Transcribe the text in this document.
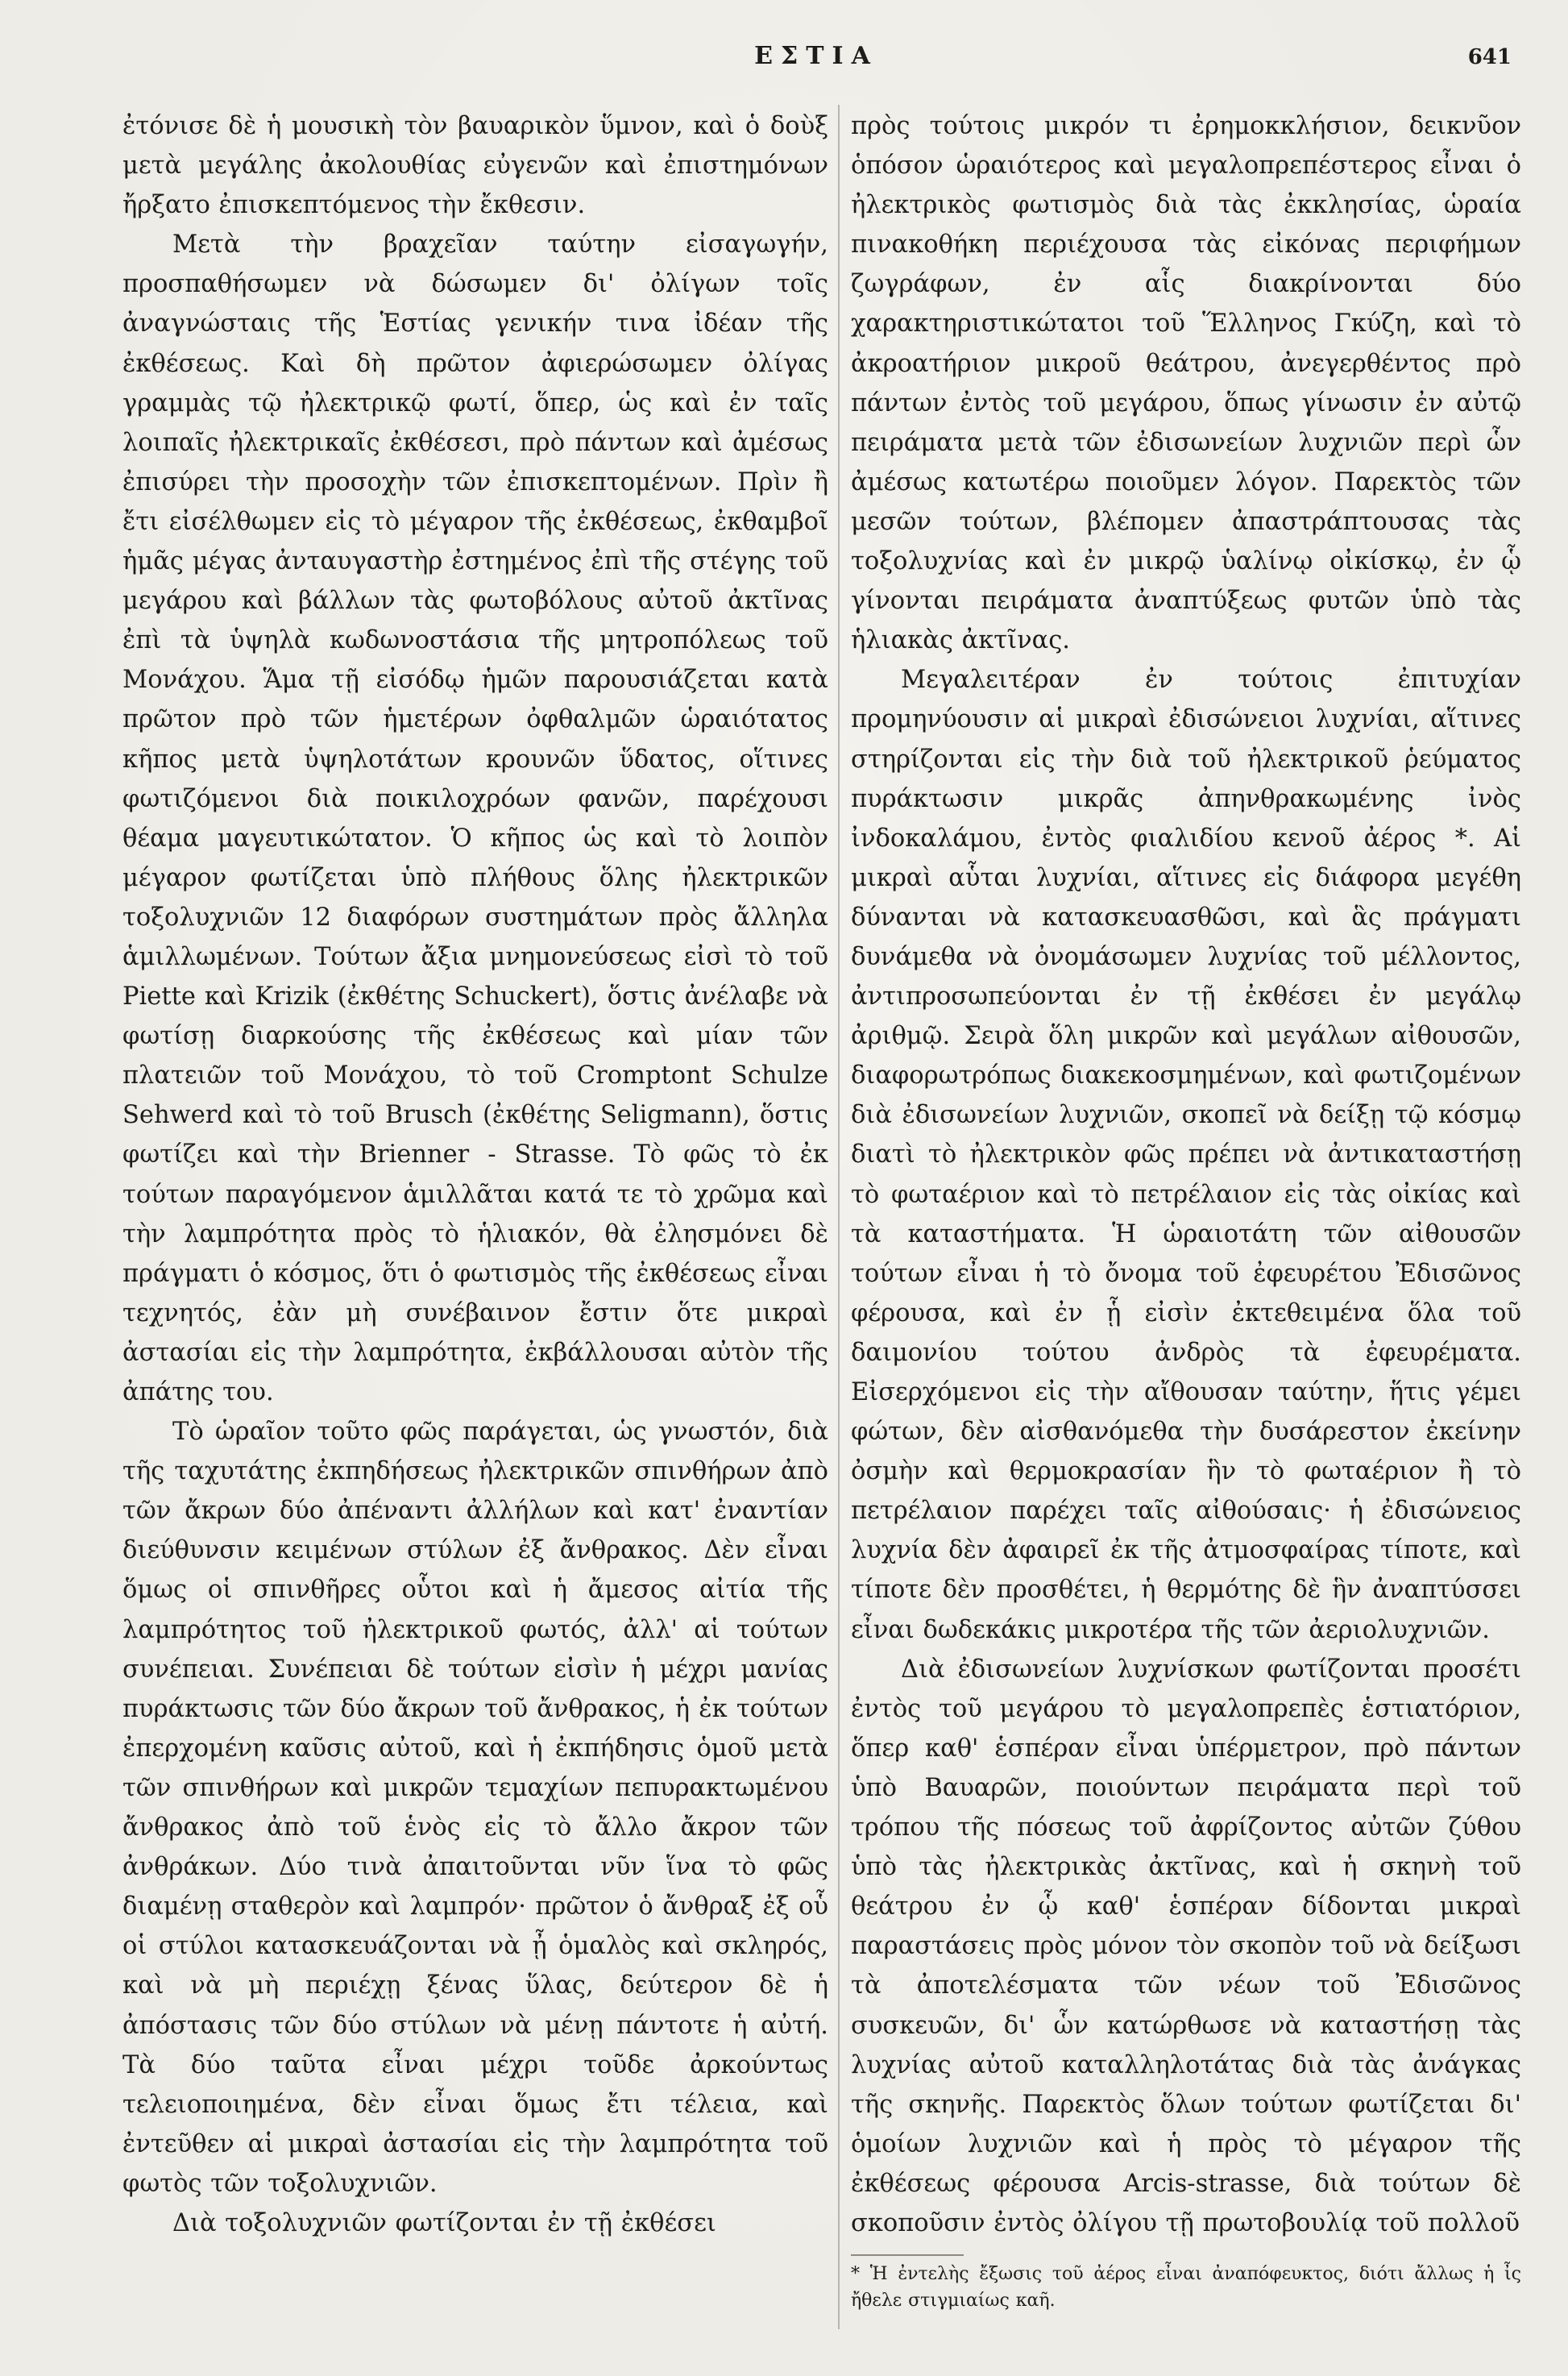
ΕΣΤΙΑ	641

ἐτόνισε δὲ ἡ μουσικὴ τὸν βαυαρικὸν ὕμνον, καὶ ὁ δοὺξ μετὰ μεγάλης ἀκολουθίας εὐγενῶν καὶ ἐπιστημόνων ἤρξατο ἐπισκεπτόμενος τὴν ἔκθεσιν.

Μετὰ τὴν βραχεῖαν ταύτην εἰσαγωγήν, προσπαθήσωμεν νὰ δώσωμεν δι' ὀλίγων τοῖς ἀναγνώσταις τῆς Ἑστίας γενικήν τινα ἰδέαν τῆς ἐκθέσεως. Καὶ δὴ πρῶτον ἀφιερώσωμεν ὀλίγας γραμμὰς τῷ ἠλεκτρικῷ φωτί, ὅπερ, ὡς καὶ ἐν ταῖς λοιπαῖς ἠλεκτρικαῖς ἐκθέσεσι, πρὸ πάντων καὶ ἀμέσως ἐπισύρει τὴν προσοχὴν τῶν ἐπισκεπτομένων. Πρὶν ἢ ἔτι εἰσέλθωμεν εἰς τὸ μέγαρον τῆς ἐκθέσεως, ἐκθαμβοῖ ἡμᾶς μέγας ἀνταυγαστὴρ ἐστημένος ἐπὶ τῆς στέγης τοῦ μεγάρου καὶ βάλλων τὰς φωτοβόλους αὐτοῦ ἀκτῖνας ἐπὶ τὰ ὑψηλὰ κωδωνοστάσια τῆς μητροπόλεως τοῦ Μονάχου. Ἅμα τῇ εἰσόδῳ ἡμῶν παρουσιάζεται κατὰ πρῶτον πρὸ τῶν ἡμετέρων ὀφθαλμῶν ὡραιότατος κῆπος μετὰ ὑψηλοτάτων κρουνῶν ὕδατος, οἵτινες φωτιζόμενοι διὰ ποικιλοχρόων φανῶν, παρέχουσι θέαμα μαγευτικώτατον. Ὁ κῆπος ὡς καὶ τὸ λοιπὸν μέγαρον φωτίζεται ὑπὸ πλήθους ὅλης ἠλεκτρικῶν τοξολυχνιῶν 12 διαφόρων συστημάτων πρὸς ἄλληλα ἁμιλλωμένων. Τούτων ἄξια μνημονεύσεως εἰσὶ τὸ τοῦ Piette καὶ Krizik (ἐκθέτης Schuckert), ὅστις ἀνέλαβε νὰ φωτίσῃ διαρκούσης τῆς ἐκθέσεως καὶ μίαν τῶν πλατειῶν τοῦ Μονάχου, τὸ τοῦ Cromptont Schulze Sehwerd καὶ τὸ τοῦ Brusch (ἐκθέτης Seligmann), ὅστις φωτίζει καὶ τὴν Brienner - Strasse. Τὸ φῶς τὸ ἐκ τούτων παραγόμενον ἁμιλλᾶται κατά τε τὸ χρῶμα καὶ τὴν λαμπρότητα πρὸς τὸ ἡλιακόν, θὰ ἐλησμόνει δὲ πράγματι ὁ κόσμος, ὅτι ὁ φωτισμὸς τῆς ἐκθέσεως εἶναι τεχνητός, ἐὰν μὴ συνέβαινον ἔστιν ὅτε μικραὶ ἀστασίαι εἰς τὴν λαμπρότητα, ἐκβάλλουσαι αὐτὸν τῆς ἀπάτης του.

Τὸ ὡραῖον τοῦτο φῶς παράγεται, ὡς γνωστόν, διὰ τῆς ταχυτάτης ἐκπηδήσεως ἠλεκτρικῶν σπινθήρων ἀπὸ τῶν ἄκρων δύο ἀπέναντι ἀλλήλων καὶ κατ' ἐναντίαν διεύθυνσιν κειμένων στύλων ἐξ ἄνθρακος. Δὲν εἶναι ὅμως οἱ σπινθῆρες οὗτοι καὶ ἡ ἄμεσος αἰτία τῆς λαμπρότητος τοῦ ἠλεκτρικοῦ φωτός, ἀλλ' αἱ τούτων συνέπειαι. Συνέπειαι δὲ τούτων εἰσὶν ἡ μέχρι μανίας πυράκτωσις τῶν δύο ἄκρων τοῦ ἄνθρακος, ἡ ἐκ τούτων ἐπερχομένη καῦσις αὐτοῦ, καὶ ἡ ἐκπήδησις ὁμοῦ μετὰ τῶν σπινθήρων καὶ μικρῶν τεμαχίων πεπυρακτωμένου ἄνθρακος ἀπὸ τοῦ ἑνὸς εἰς τὸ ἄλλο ἄκρον τῶν ἀνθράκων. Δύο τινὰ ἀπαιτοῦνται νῦν ἵνα τὸ φῶς διαμένῃ σταθερὸν καὶ λαμπρόν· πρῶτον ὁ ἄνθραξ ἐξ οὗ οἱ στύλοι κατασκευάζονται νὰ ᾖ ὁμαλὸς καὶ σκληρός, καὶ νὰ μὴ περιέχῃ ξένας ὕλας, δεύτερον δὲ ἡ ἀπόστασις τῶν δύο στύλων νὰ μένῃ πάντοτε ἡ αὐτή. Τὰ δύο ταῦτα εἶναι μέχρι τοῦδε ἀρκούντως τελειοποιημένα, δὲν εἶναι ὅμως ἔτι τέλεια, καὶ ἐντεῦθεν αἱ μικραὶ ἀστασίαι εἰς τὴν λαμπρότητα τοῦ φωτὸς τῶν τοξολυχνιῶν.

Διὰ τοξολυχνιῶν φωτίζονται ἐν τῇ ἐκθέσει

πρὸς τούτοις μικρόν τι ἐρημοκκλήσιον, δεικνῦον ὁπόσον ὡραιότερος καὶ μεγαλοπρεπέστερος εἶναι ὁ ἠλεκτρικὸς φωτισμὸς διὰ τὰς ἐκκλησίας, ὡραία πινακοθήκη περιέχουσα τὰς εἰκόνας περιφήμων ζωγράφων, ἐν αἷς διακρίνονται δύο χαρακτηριστικώτατοι τοῦ Ἕλληνος Γκύζη, καὶ τὸ ἀκροατήριον μικροῦ θεάτρου, ἀνεγερθέντος πρὸ πάντων ἐντὸς τοῦ μεγάρου, ὅπως γίνωσιν ἐν αὐτῷ πειράματα μετὰ τῶν ἐδισωνείων λυχνιῶν περὶ ὧν ἀμέσως κατωτέρω ποιοῦμεν λόγον. Παρεκτὸς τῶν μεσῶν τούτων, βλέπομεν ἀπαστράπτουσας τὰς τοξολυχνίας καὶ ἐν μικρῷ ὑαλίνῳ οἰκίσκῳ, ἐν ᾧ γίνονται πειράματα ἀναπτύξεως φυτῶν ὑπὸ τὰς ἡλιακὰς ἀκτῖνας.

Μεγαλειτέραν ἐν τούτοις ἐπιτυχίαν προμηνύουσιν αἱ μικραὶ ἐδισώνειοι λυχνίαι, αἵτινες στηρίζονται εἰς τὴν διὰ τοῦ ἠλεκτρικοῦ ῥεύματος πυράκτωσιν μικρᾶς ἀπηνθρακωμένης ἰνὸς ἰνδοκαλάμου, ἐντὸς φιαλιδίου κενοῦ ἀέρος *. Αἱ μικραὶ αὗται λυχνίαι, αἵτινες εἰς διάφορα μεγέθη δύνανται νὰ κατασκευασθῶσι, καὶ ἃς πράγματι δυνάμεθα νὰ ὀνομάσωμεν λυχνίας τοῦ μέλλοντος, ἀντιπροσωπεύονται ἐν τῇ ἐκθέσει ἐν μεγάλῳ ἀριθμῷ. Σειρὰ ὅλη μικρῶν καὶ μεγάλων αἰθουσῶν, διαφορωτρόπως διακεκοσμημένων, καὶ φωτιζομένων διὰ ἐδισωνείων λυχνιῶν, σκοπεῖ νὰ δείξῃ τῷ κόσμῳ διατὶ τὸ ἠλεκτρικὸν φῶς πρέπει νὰ ἀντικαταστήσῃ τὸ φωταέριον καὶ τὸ πετρέλαιον εἰς τὰς οἰκίας καὶ τὰ καταστήματα. Ἡ ὡραιοτάτη τῶν αἰθουσῶν τούτων εἶναι ἡ τὸ ὄνομα τοῦ ἐφευρέτου Ἐδισῶνος φέρουσα, καὶ ἐν ᾗ εἰσὶν ἐκτεθειμένα ὅλα τοῦ δαιμονίου τούτου ἀνδρὸς τὰ ἐφευρέματα. Εἰσερχόμενοι εἰς τὴν αἴθουσαν ταύτην, ἥτις γέμει φώτων, δὲν αἰσθανόμεθα τὴν δυσάρεστον ἐκείνην ὀσμὴν καὶ θερμοκρασίαν ἣν τὸ φωταέριον ἢ τὸ πετρέλαιον παρέχει ταῖς αἰθούσαις· ἡ ἐδισώνειος λυχνία δὲν ἀφαιρεῖ ἐκ τῆς ἀτμοσφαίρας τίποτε, καὶ τίποτε δὲν προσθέτει, ἡ θερμότης δὲ ἣν ἀναπτύσσει εἶναι δωδεκάκις μικροτέρα τῆς τῶν ἀεριολυχνιῶν.

Διὰ ἐδισωνείων λυχνίσκων φωτίζονται προσέτι ἐντὸς τοῦ μεγάρου τὸ μεγαλοπρεπὲς ἑστιατόριον, ὅπερ καθ' ἑσπέραν εἶναι ὑπέρμετρον, πρὸ πάντων ὑπὸ Βαυαρῶν, ποιούντων πειράματα περὶ τοῦ τρόπου τῆς πόσεως τοῦ ἀφρίζοντος αὐτῶν ζύθου ὑπὸ τὰς ἠλεκτρικὰς ἀκτῖνας, καὶ ἡ σκηνὴ τοῦ θεάτρου ἐν ᾧ καθ' ἑσπέραν δίδονται μικραὶ παραστάσεις πρὸς μόνον τὸν σκοπὸν τοῦ νὰ δείξωσι τὰ ἀποτελέσματα τῶν νέων τοῦ Ἐδισῶνος συσκευῶν, δι' ὧν κατώρθωσε νὰ καταστήσῃ τὰς λυχνίας αὐτοῦ καταλληλοτάτας διὰ τὰς ἀνάγκας τῆς σκηνῆς. Παρεκτὸς ὅλων τούτων φωτίζεται δι' ὁμοίων λυχνιῶν καὶ ἡ πρὸς τὸ μέγαρον τῆς ἐκθέσεως φέρουσα Arcis-strasse, διὰ τούτων δὲ σκοποῦσιν ἐντὸς ὀλίγου τῇ πρωτοβουλίᾳ τοῦ πολλοῦ

* Ἡ ἐντελὴς ἔξωσις τοῦ ἀέρος εἶναι ἀναπόφευκτος, διότι ἄλλως ἡ ἶς ἤθελε στιγμιαίως καῆ.
